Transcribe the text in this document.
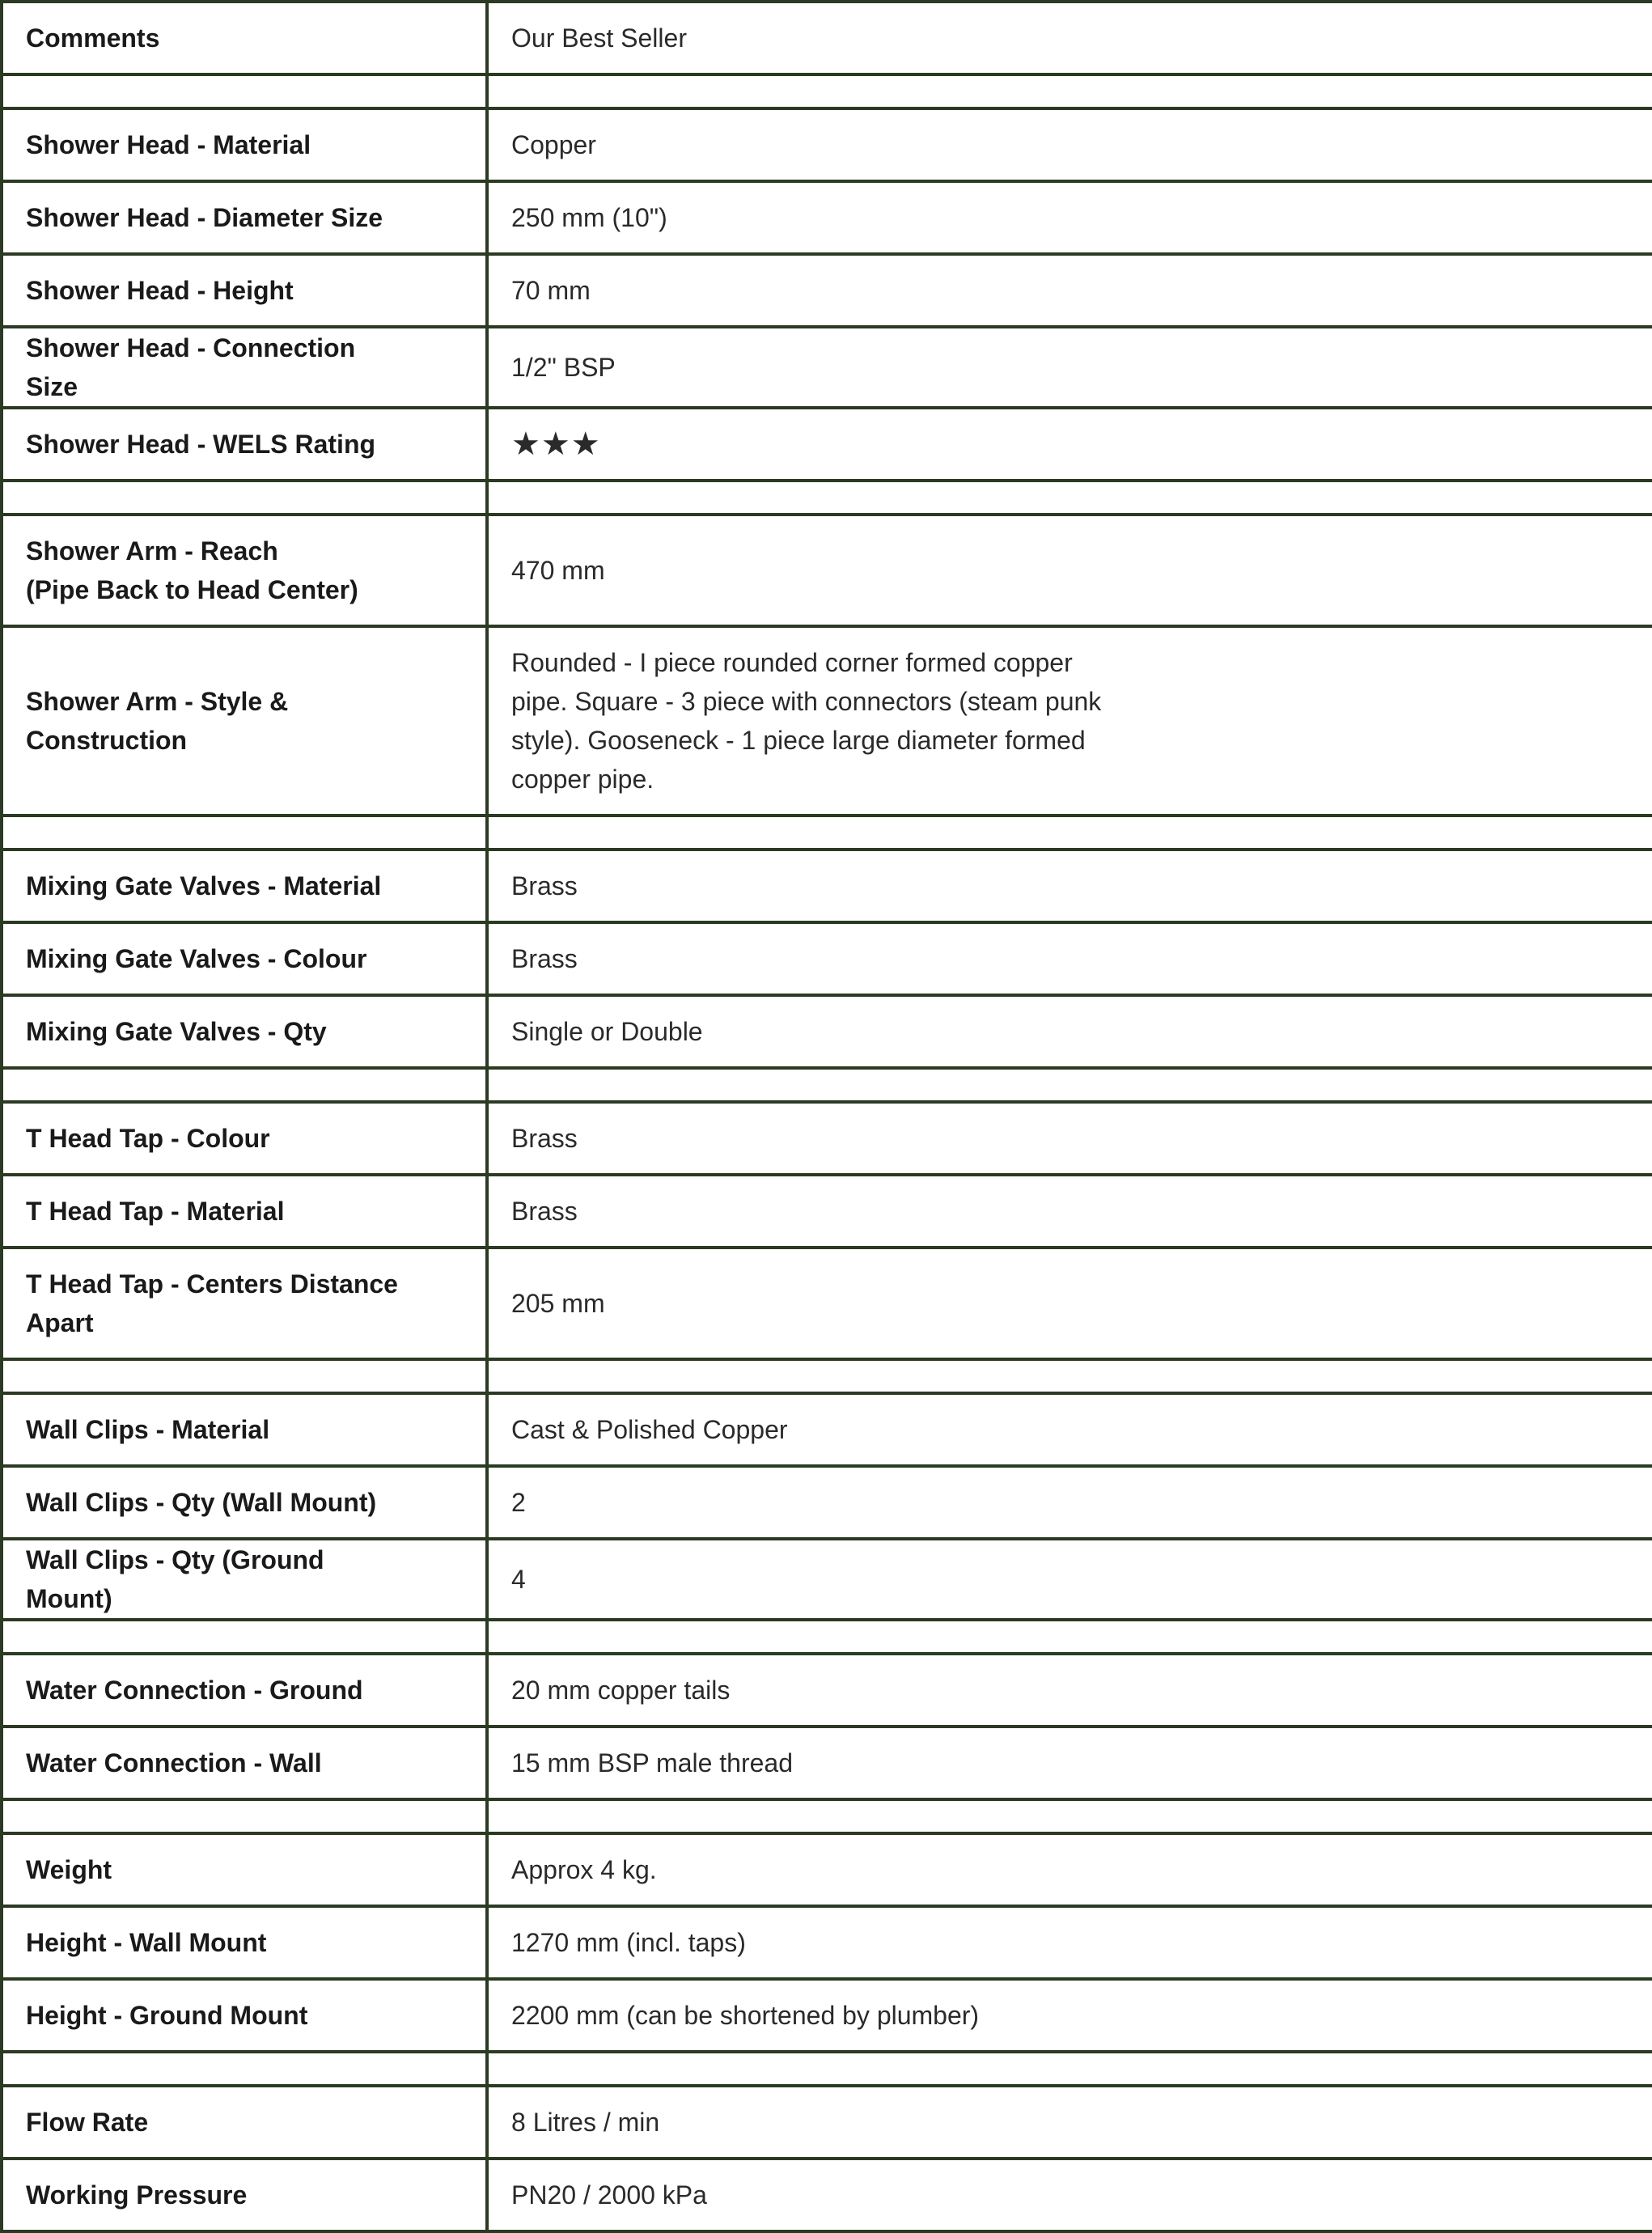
Comments	Our Best Seller

Shower Head - Material	Copper

Shower Head - Diameter Size	250 mm (10")

Shower Head - Height	70 mm

Shower Head - Connection Size	1/2" BSP

Shower Head - WELS Rating	★★★

Shower Arm - Reach
(Pipe Back to Head Center)	470 mm

Shower Arm - Style & Construction	Rounded - I piece rounded corner formed copper pipe. Square - 3 piece with connectors (steam punk style). Gooseneck - 1 piece large diameter formed copper pipe.

Mixing Gate Valves - Material	Brass

Mixing Gate Valves - Colour	Brass

Mixing Gate Valves - Qty	Single or Double

T Head Tap - Colour	Brass

T Head Tap - Material	Brass

T Head Tap - Centers Distance Apart	205 mm

Wall Clips - Material	Cast & Polished Copper

Wall Clips - Qty (Wall Mount)	2

Wall Clips - Qty (Ground Mount)	4

Water Connection - Ground	20 mm copper tails

Water Connection - Wall	15 mm BSP male thread

Weight	Approx 4 kg.

Height - Wall Mount	1270 mm (incl. taps)

Height - Ground Mount	2200 mm (can be shortened by plumber)

Flow Rate	8 Litres / min

Working Pressure	PN20 / 2000 kPa
